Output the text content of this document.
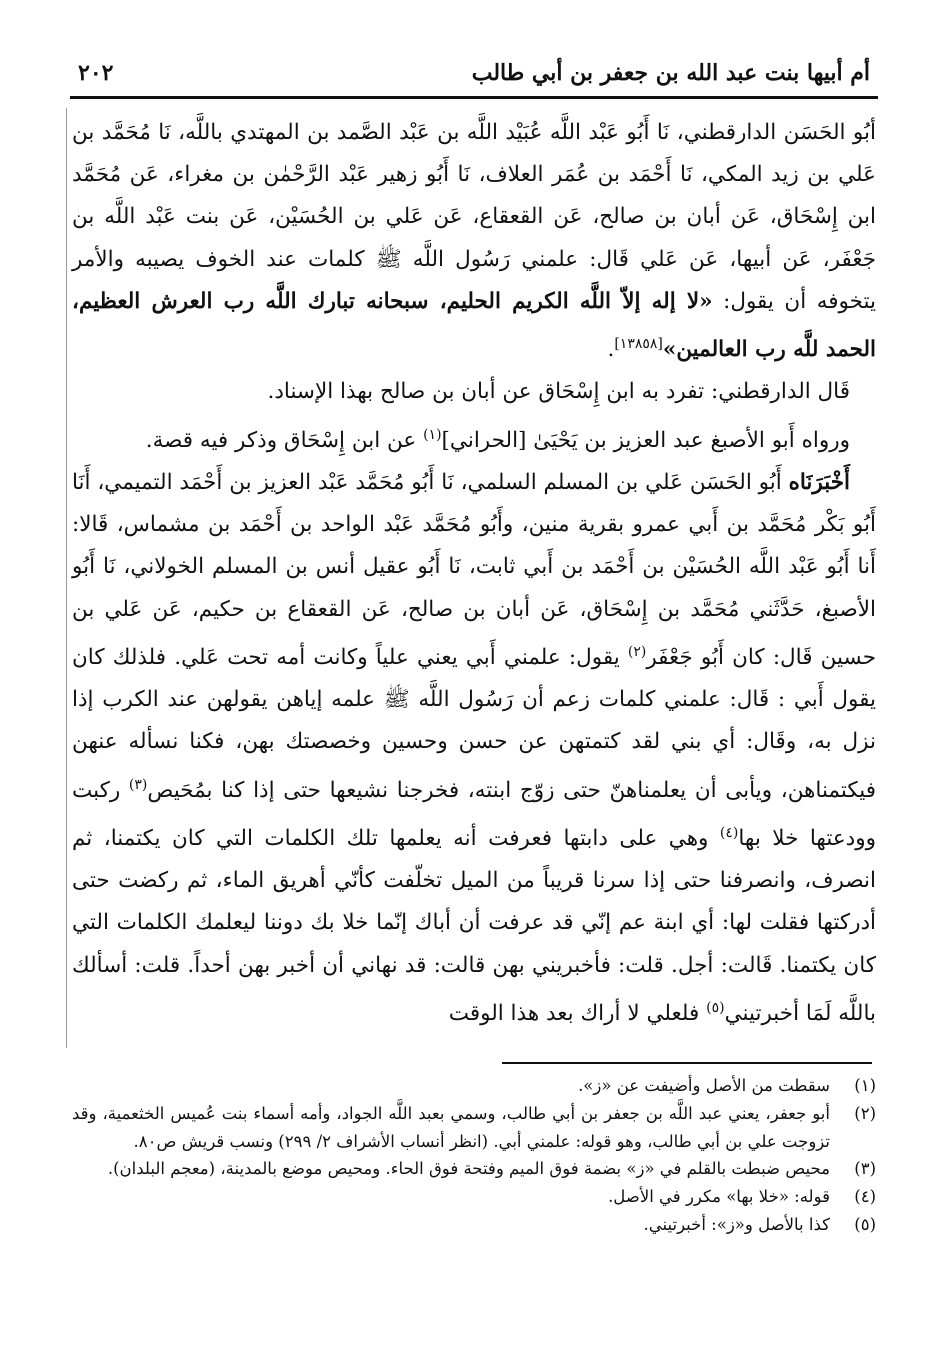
أم أبيها بنت عبد الله بن جعفر بن أبي طالب
٢٠٢

أبُو الحَسَن الدارقطني، نَا أَبُو عَبْد اللَّه عُبَيْد اللَّه بن عَبْد الصَّمد بن المهتدي باللَّه، نَا مُحَمَّد بن عَلي بن زيد المكي، نَا أَحْمَد بن عُمَر العلاف، نَا أَبُو زهير عَبْد الرَّحْمٰن بن مغراء، عَن مُحَمَّد ابن إِسْحَاق، عَن أبان بن صالح، عَن القعقاع، عَن عَلي بن الحُسَيْن، عَن بنت عَبْد اللَّه بن جَعْفَر، عَن أبيها، عَن عَلي قَال: علمني رَسُول اللَّه ﷺ كلمات عند الخوف يصيبه والأمر يتخوفه أن يقول: «لا إله إلاّ اللَّه الكريم الحليم، سبحانه تبارك اللَّه رب العرش العظيم، الحمد للَّه رب العالمين»[١٣٨٥٨].

قَال الدارقطني: تفرد به ابن إِسْحَاق عن أبان بن صالح بهذا الإسناد.

ورواه أَبو الأصبغ عبد العزيز بن يَحْيَىٰ [الحراني]$^{(١)}$ عن ابن إِسْحَاق وذكر فيه قصة.

أَخْبَرَنَاه أَبُو الحَسَن عَلي بن المسلم السلمي، نَا أَبُو مُحَمَّد عَبْد العزيز بن أَحْمَد التميمي، أَنَا أَبُو بَكْر مُحَمَّد بن أَبي عمرو بقرية منين، وأَبُو مُحَمَّد عَبْد الواحد بن أَحْمَد بن مشماس، قَالا: أَنا أَبُو عَبْد اللَّه الحُسَيْن بن أَحْمَد بن أَبي ثابت، نَا أَبُو عقيل أنس بن المسلم الخولاني، نَا أَبُو الأصبغ، حَدَّثَني مُحَمَّد بن إِسْحَاق، عَن أبان بن صالح، عَن القعقاع بن حكيم، عَن عَلي بن حسين قَال: كان أَبُو جَعْفَر$^{(٢)}$ يقول: علمني أَبي يعني علياً وكانت أمه تحت عَلي. فلذلك كان يقول أَبي : قَال: علمني كلمات زعم أن رَسُول اللَّه ﷺ علمه إياهن يقولهن عند الكرب إذا نزل به، وقَال: أي بني لقد كتمتهن عن حسن وحسين وخصصتك بهن، فكنا نسأله عنهن فيكتمناهن، ويأبى أن يعلمناهنّ حتى زوّج ابنته، فخرجنا نشيعها حتى إذا كنا بمُحَيص$^{(٣)}$ ركبت وودعتها خلا بها$^{(٤)}$ وهي على دابتها فعرفت أنه يعلمها تلك الكلمات التي كان يكتمنا، ثم انصرف، وانصرفنا حتى إذا سرنا قريباً من الميل تخلّفت كأنّي أهريق الماء، ثم ركضت حتى أدركتها فقلت لها: أي ابنة عم إنّي قد عرفت أن أباك إنّما خلا بك دوننا ليعلمك الكلمات التي كان يكتمنا. قَالت: أجل. قلت: فأخبريني بهن قالت: قد نهاني أن أخبر بهن أحداً. قلت: أسألك باللَّه لَمَا أخبرتيني$^{(٥)}$ فلعلي لا أراك بعد هذا الوقت

(١)
سقطت من الأصل وأضيفت عن «ز».
(٢)
أبو جعفر، يعني عبد اللَّه بن جعفر بن أبي طالب، وسمي بعبد اللَّه الجواد، وأمه أسماء بنت عُميس الخثعمية، وقد تزوجت علي بن أبي طالب، وهو قوله: علمني أبي. (انظر أنساب الأشراف ٢/ ٢٩٩) ونسب قريش ص٨٠.
(٣)
محيص ضبطت بالقلم في «ز» بضمة فوق الميم وفتحة فوق الحاء. ومحيص موضع بالمدينة، (معجم البلدان).
(٤)
قوله: «خلا بها» مكرر في الأصل.
(٥)
كذا بالأصل و«ز»: أخبرتيني.
